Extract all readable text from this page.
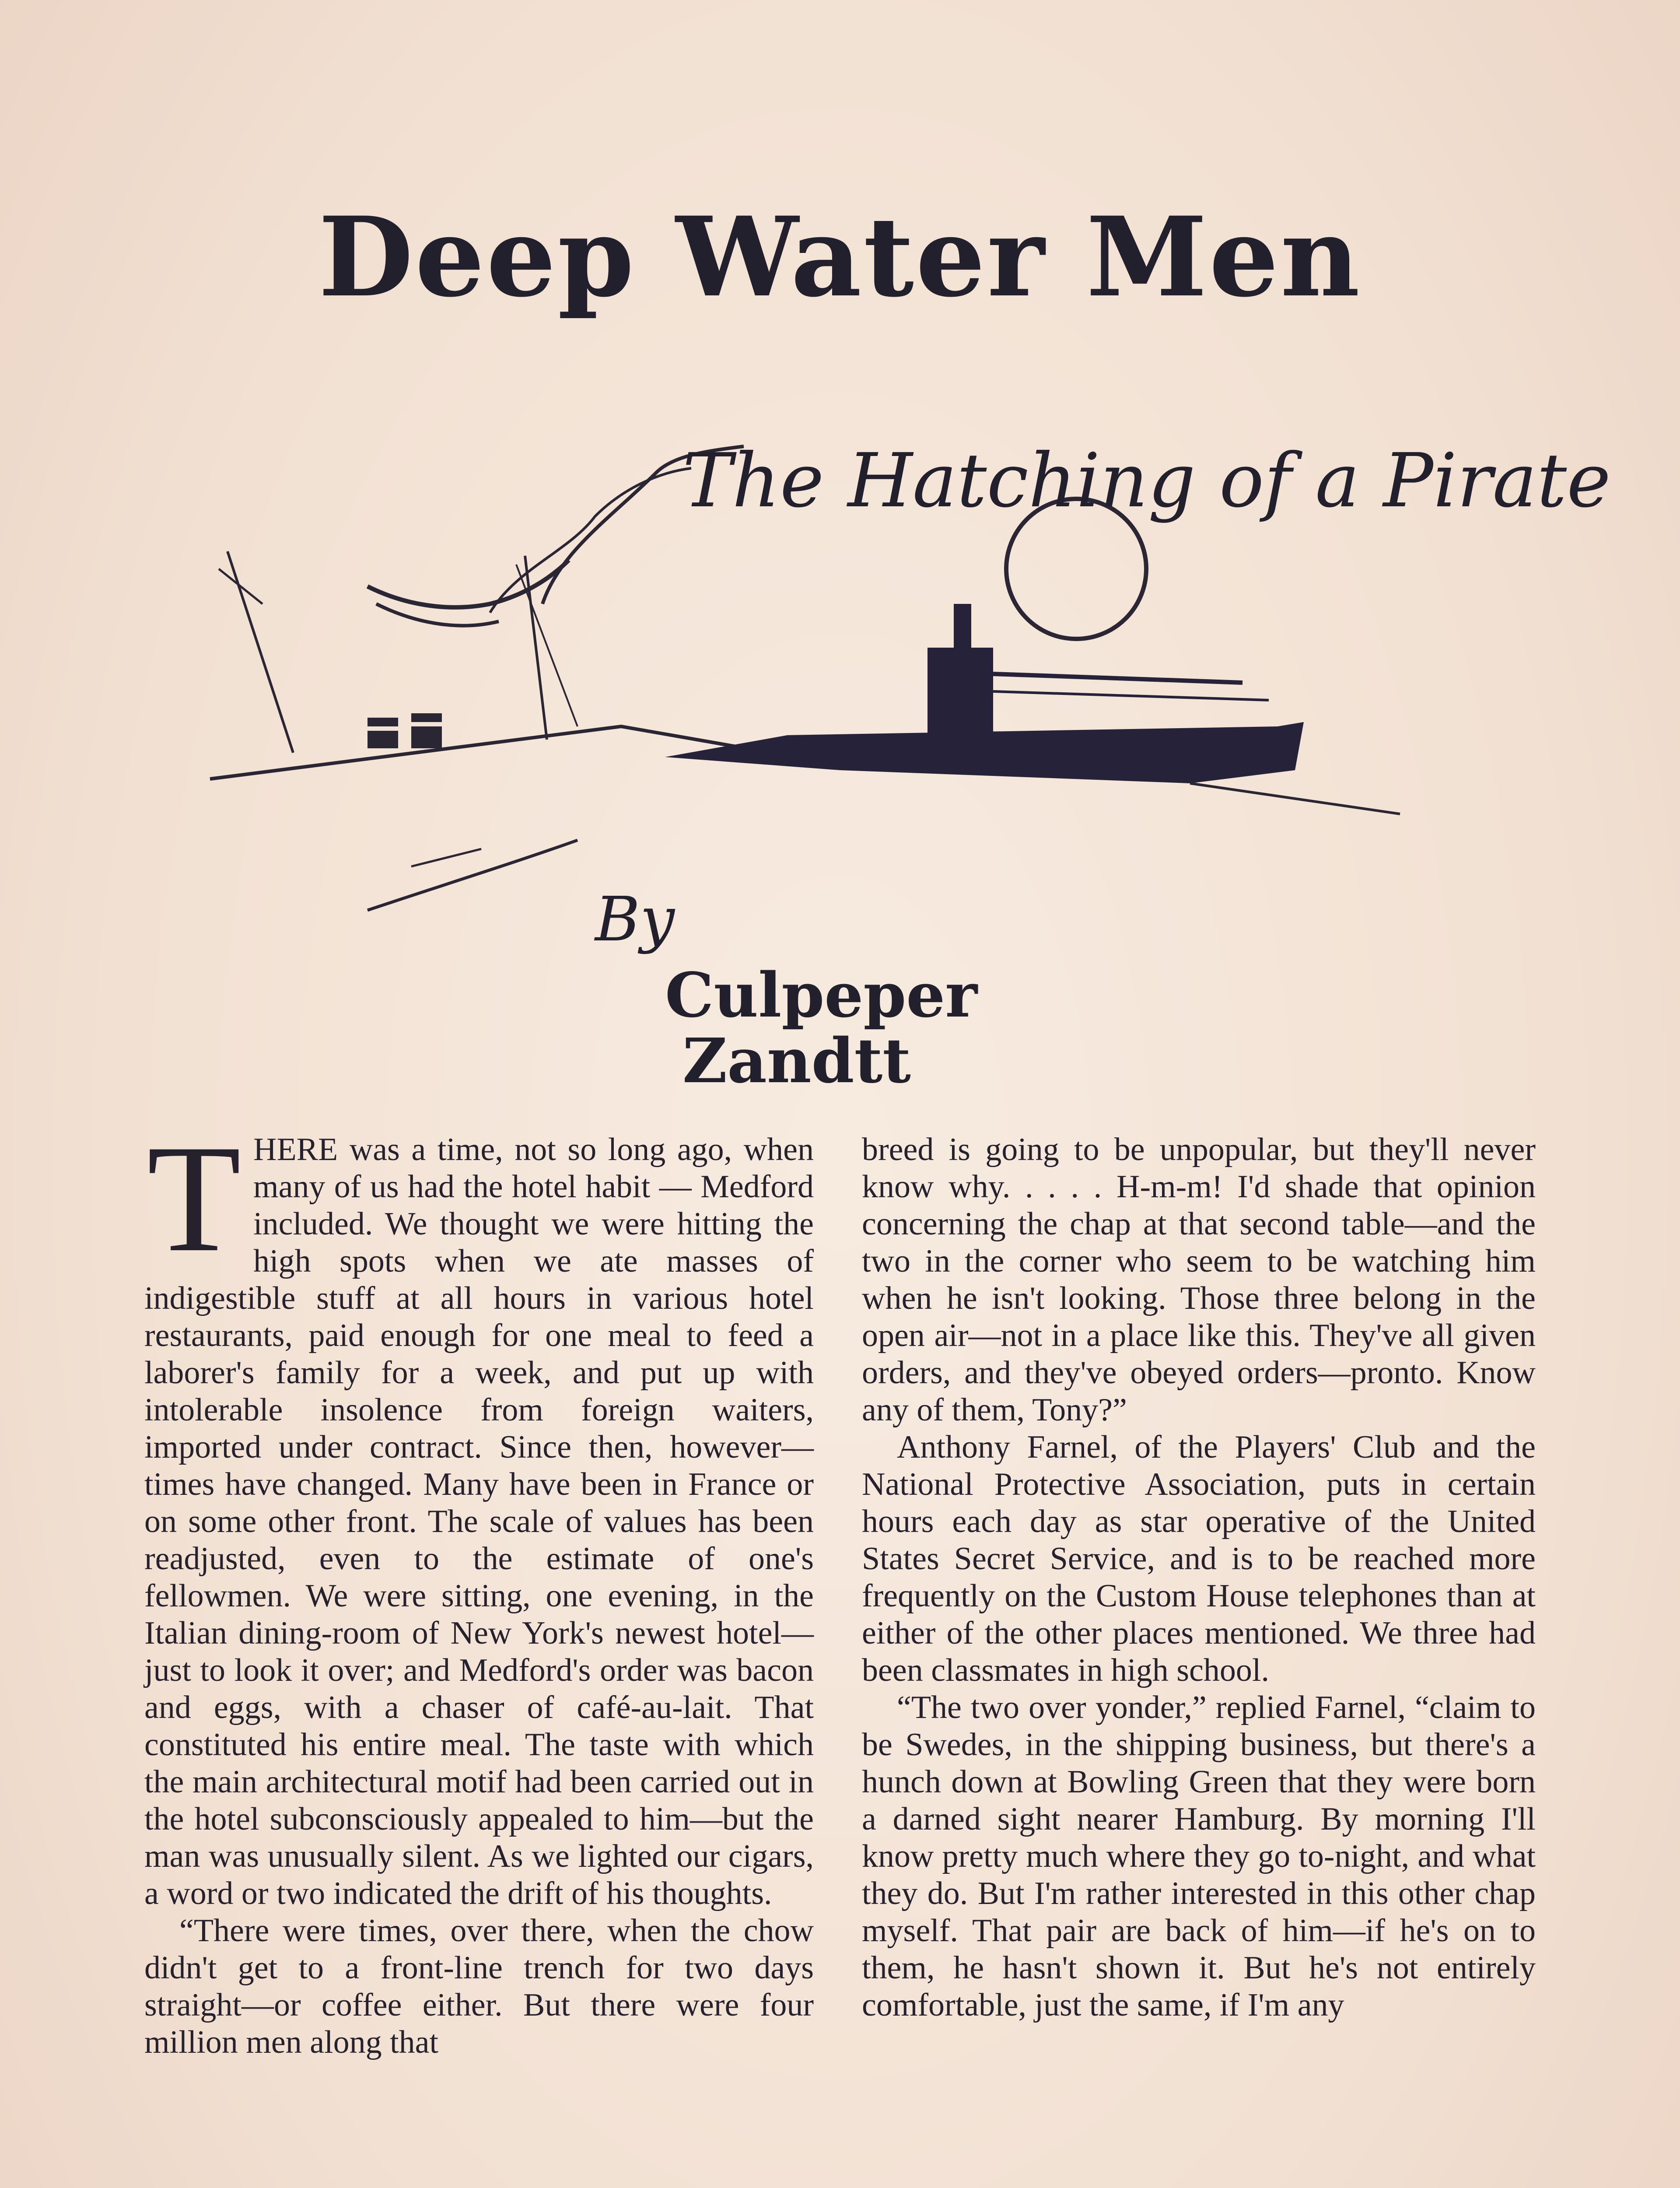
Deep Water Men
The Hatching of a Pirate
By
Culpeper
Zandtt
T HERE was a time, not so long ago, when many of us had the hotel habit — Medford included. We thought we were hitting the high spots when we ate masses of indigestible stuff at all hours in various hotel restaurants, paid enough for one meal to feed a laborer's family for a week, and put up with intolerable insolence from foreign waiters, imported under contract. Since then, however—times have changed. Many have been in France or on some other front. The scale of values has been readjusted, even to the estimate of one's fellowmen. We were sitting, one evening, in the Italian dining-room of New York's newest hotel—just to look it over; and Medford's order was bacon and eggs, with a chaser of café-au-lait. That constituted his entire meal. The taste with which the main architectural motif had been carried out in the hotel subconsciously appealed to him—but the man was unusually silent. As we lighted our cigars, a word or two indicated the drift of his thoughts.

“There were times, over there, when the chow didn't get to a front-line trench for two days straight—or coffee either. But there were four million men along that

breed is going to be unpopular, but they'll never know why. . . . . H-m-m! I'd shade that opinion concerning the chap at that second table—and the two in the corner who seem to be watching him when he isn't looking. Those three belong in the open air—not in a place like this. They've all given orders, and they've obeyed orders—pronto. Know any of them, Tony?”

Anthony Farnel, of the Players' Club and the National Protective Association, puts in certain hours each day as star operative of the United States Secret Service, and is to be reached more frequently on the Custom House telephones than at either of the other places mentioned. We three had been classmates in high school.

“The two over yonder,” replied Farnel, “claim to be Swedes, in the shipping business, but there's a hunch down at Bowling Green that they were born a darned sight nearer Hamburg. By morning I'll know pretty much where they go to-night, and what they do. But I'm rather interested in this other chap myself. That pair are back of him—if he's on to them, he hasn't shown it. But he's not entirely comfortable, just the same, if I'm any
